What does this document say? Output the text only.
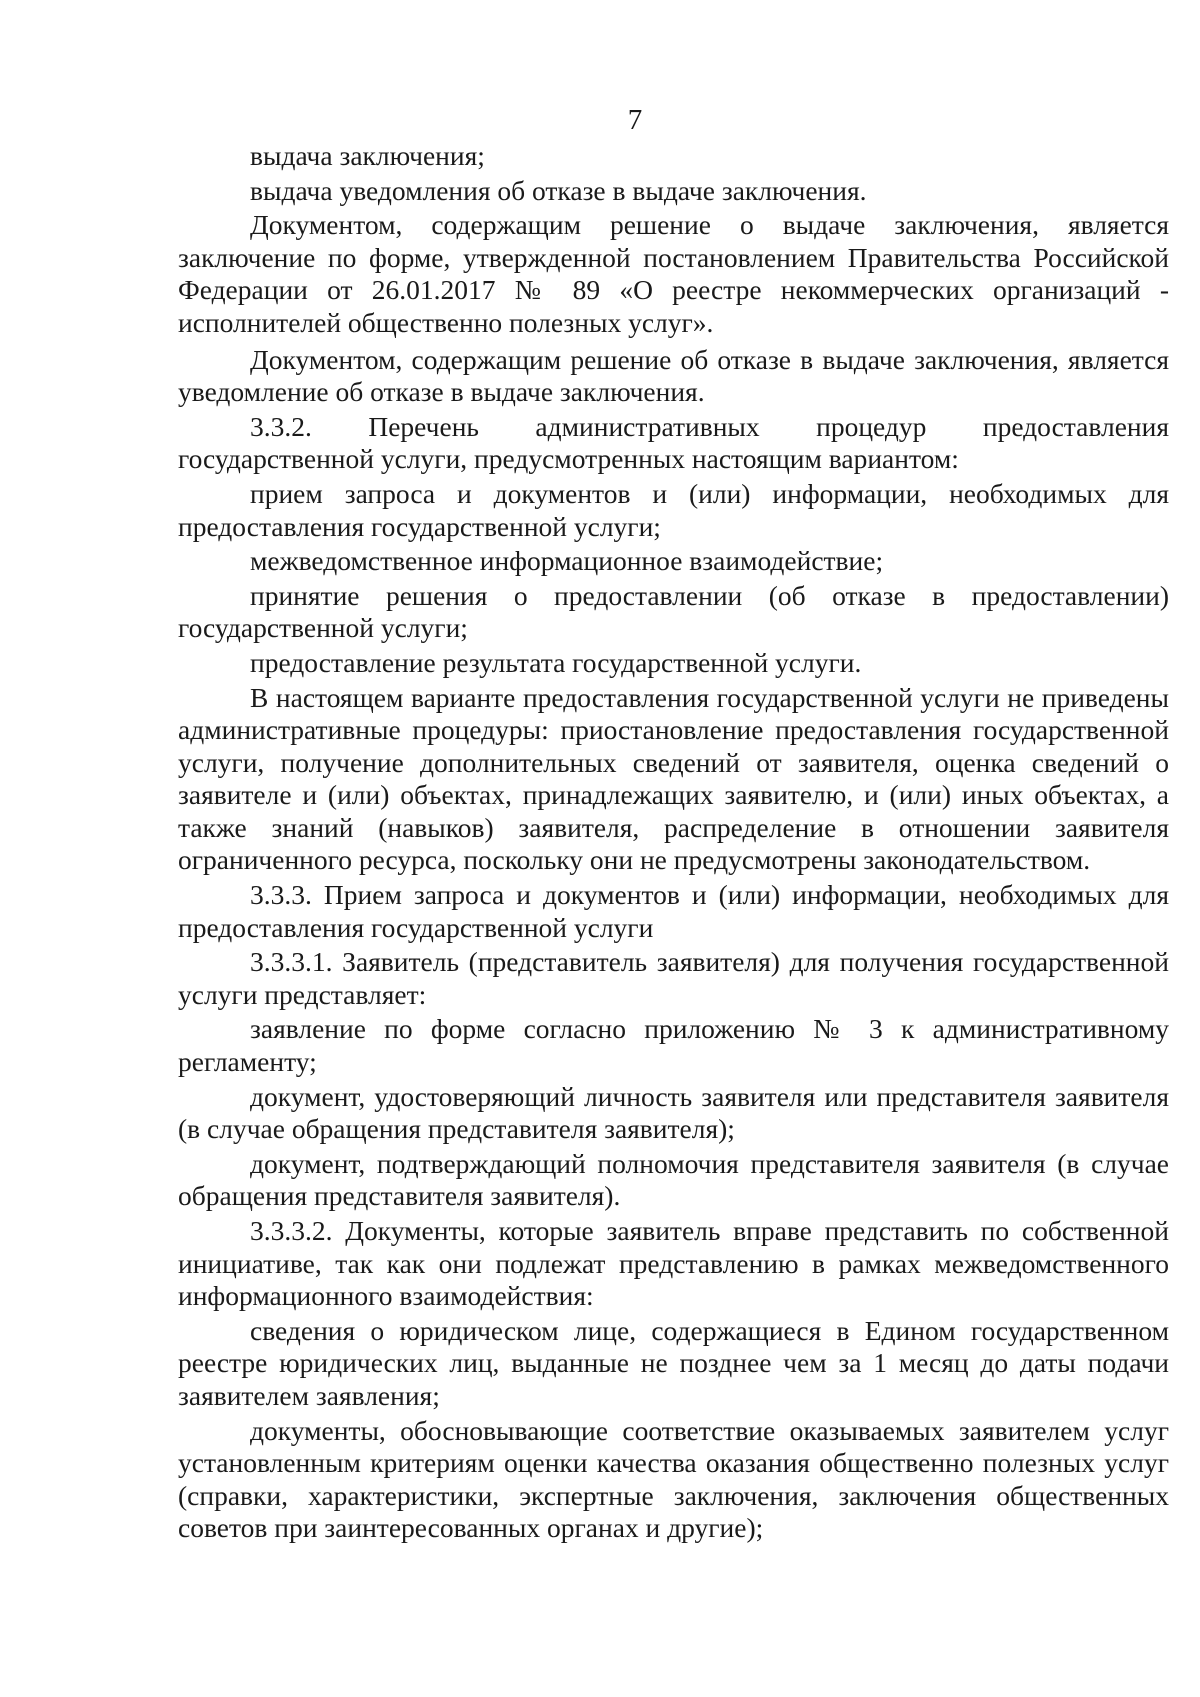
7

выдача заключения;

выдача уведомления об отказе в выдаче заключения.

Документом, содержащим решение о выдаче заключения, является заключение по форме, утвержденной постановлением Правительства Российской Федерации от 26.01.2017 № 89 «О реестре некоммерческих организаций - исполнителей общественно полезных услуг».

Документом, содержащим решение об отказе в выдаче заключения, является уведомление об отказе в выдаче заключения.

3.3.2. Перечень административных процедур предоставления государственной услуги, предусмотренных настоящим вариантом:

прием запроса и документов и (или) информации, необходимых для предоставления государственной услуги;

межведомственное информационное взаимодействие;

принятие решения о предоставлении (об отказе в предоставлении) государственной услуги;

предоставление результата государственной услуги.

В настоящем варианте предоставления государственной услуги не приведены административные процедуры: приостановление предоставления государственной услуги, получение дополнительных сведений от заявителя, оценка сведений о заявителе и (или) объектах, принадлежащих заявителю, и (или) иных объектах, а также знаний (навыков) заявителя, распределение в отношении заявителя ограниченного ресурса, поскольку они не предусмотрены законодательством.

3.3.3. Прием запроса и документов и (или) информации, необходимых для предоставления государственной услуги

3.3.3.1. Заявитель (представитель заявителя) для получения государственной услуги представляет:

заявление по форме согласно приложению № 3 к административному регламенту;

документ, удостоверяющий личность заявителя или представителя заявителя (в случае обращения представителя заявителя);

документ, подтверждающий полномочия представителя заявителя (в случае обращения представителя заявителя).

3.3.3.2. Документы, которые заявитель вправе представить по собственной инициативе, так как они подлежат представлению в рамках межведомственного информационного взаимодействия:

сведения о юридическом лице, содержащиеся в Едином государственном реестре юридических лиц, выданные не позднее чем за 1 месяц до даты подачи заявителем заявления;

документы, обосновывающие соответствие оказываемых заявителем услуг установленным критериям оценки качества оказания общественно полезных услуг (справки, характеристики, экспертные заключения, заключения общественных советов при заинтересованных органах и другие);
